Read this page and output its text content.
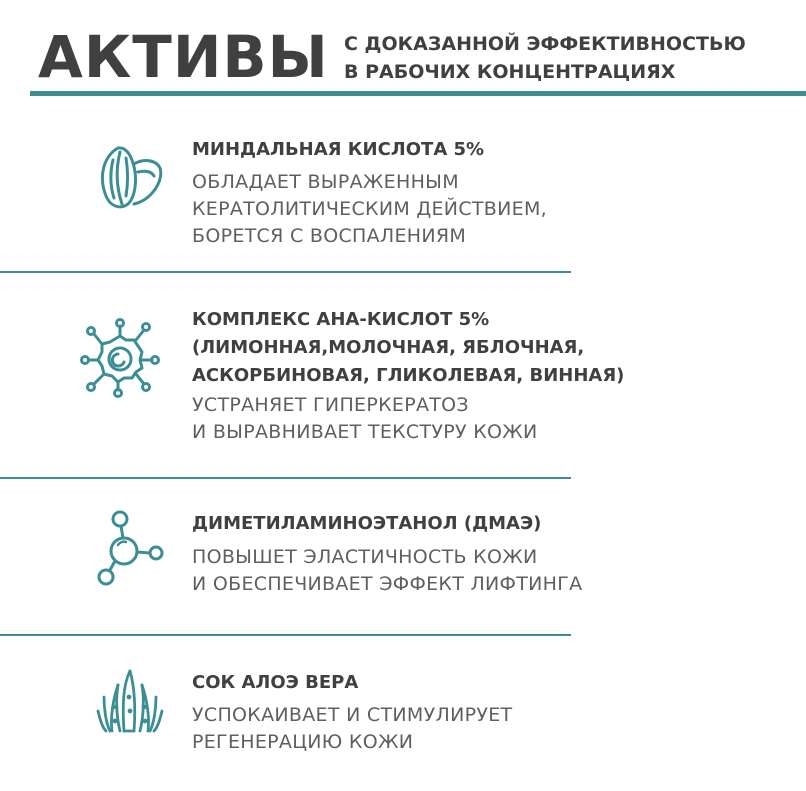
АКТИВЫ С ДОКАЗАННОЙ ЭФФЕКТИВНОСТЬЮ
В РАБОЧИХ КОНЦЕНТРАЦИЯХ

МИНДАЛЬНАЯ КИСЛОТА 5%

ОБЛАДАЕТ ВЫРАЖЕННЫМ
КЕРАТОЛИТИЧЕСКИМ ДЕЙСТВИЕМ,
БОРЕТСЯ С ВОСПАЛЕНИЯМ

КОМПЛЕКС АНА-КИСЛОТ 5%
(ЛИМОННАЯ,МОЛОЧНАЯ, ЯБЛОЧНАЯ,
АСКОРБИНОВАЯ, ГЛИКОЛЕВАЯ, ВИННАЯ)

УСТРАНЯЕТ ГИПЕРКЕРАТОЗ
И ВЫРАВНИВАЕТ ТЕКСТУРУ КОЖИ

ДИМЕТИЛАМИНОЭТАНОЛ (ДМАЭ)

ПОВЫШЕТ ЭЛАСТИЧНОСТЬ КОЖИ
И ОБЕСПЕЧИВАЕТ ЭФФЕКТ ЛИФТИНГА

СОК АЛОЭ ВЕРА

УСПОКАИВАЕТ И СТИМУЛИРУЕТ
РЕГЕНЕРАЦИЮ КОЖИ
